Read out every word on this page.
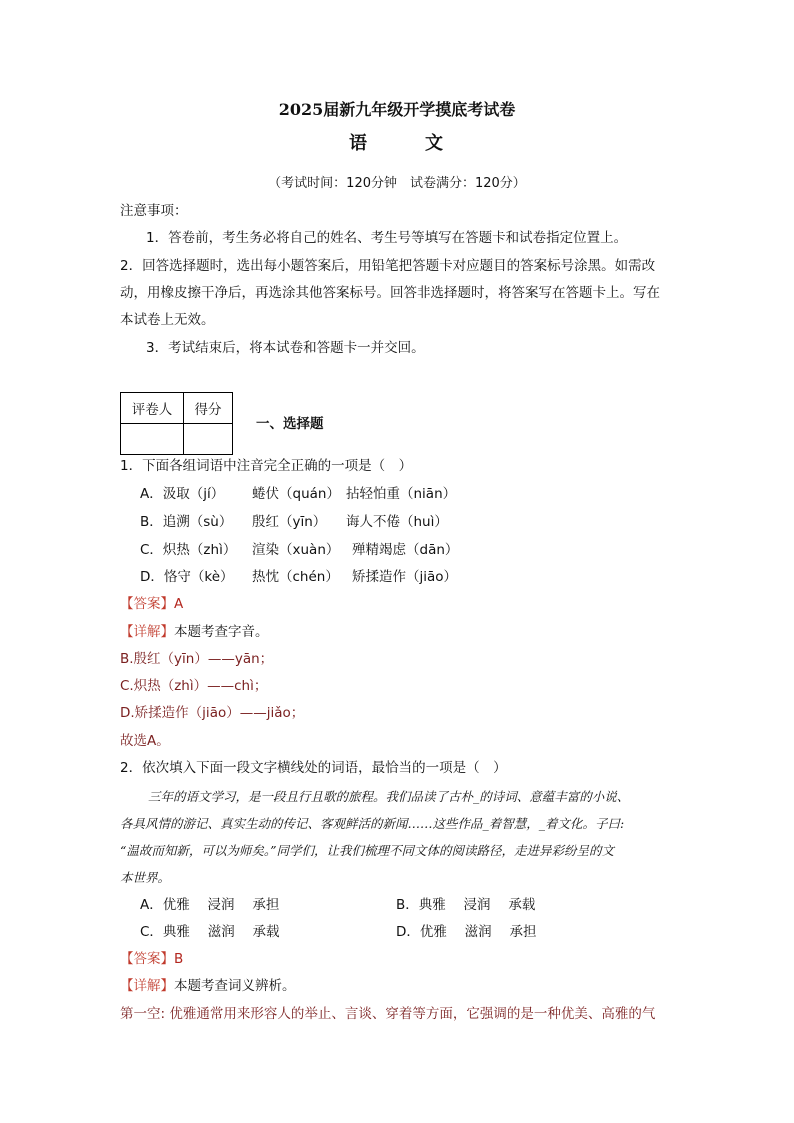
2025届新九年级开学摸底考试卷
语	文
（考试时间：120分钟　试卷满分：120分）
注意事项：
1．答卷前，考生务必将自己的姓名、考生号等填写在答题卡和试卷指定位置上。
2．回答选择题时，选出每小题答案后，用铅笔把答题卡对应题目的答案标号涂黑。如需改
动，用橡皮擦干净后，再选涂其他答案标号。回答非选择题时，将答案写在答题卡上。写在
本试卷上无效。
3．考试结束后，将本试卷和答题卡一并交回。
评卷人	得分

一、选择题
1．下面各组词语中注音完全正确的一项是（　）
A．汲取（jí） 蜷伏（quán） 拈轻怕重（niān）
B．追溯（sù） 殷红（yīn） 诲人不倦（huì）
C．炽热（zhì） 渲染（xuàn） 殚精竭虑（dān）
D．恪守（kè） 热忱（chén） 矫揉造作（jiāo）
【答案】A
【详解】本题考查字音。
B.殷红（yīn）——yān；
C.炽热（zhì）——chì；
D.矫揉造作（jiāo）——jiǎo；
故选A。
2．依次填入下面一段文字横线处的词语，最恰当的一项是（　）
三年的语文学习，是一段且行且歌的旅程。我们品读了古朴_的诗词、意蕴丰富的小说、
各具风情的游记、真实生动的传记、客观鲜活的新闻……这些作品_着智慧，_着文化。子曰:
“温故而知新，可以为师矣。”同学们，让我们梳理不同文体的阅读路径，走进异彩纷呈的文
本世界。
A．优雅　 浸润　 承担	B．典雅　 浸润　 承载
C．典雅　 滋润　 承载	D．优雅　 滋润　 承担
【答案】B
【详解】本题考查词义辨析。
第一空: 优雅通常用来形容人的举止、言谈、穿着等方面，它强调的是一种优美、高雅的气
